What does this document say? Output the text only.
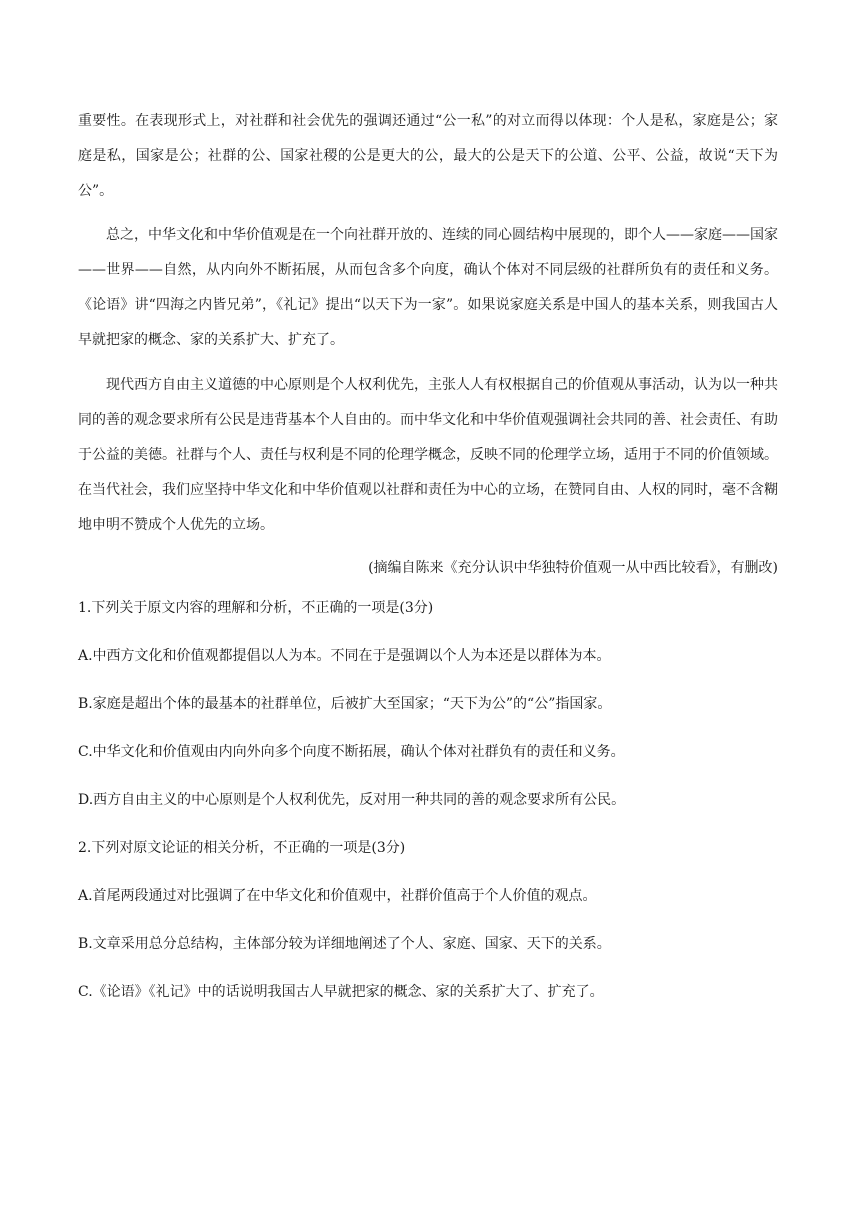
重要性。在表现形式上，对社群和社会优先的强调还通过“公一私”的对立而得以体现：个人是私，家庭是公；家庭是私，国家是公；社群的公、国家社稷的公是更大的公，最大的公是天下的公道、公平、公益，故说“天下为公”。

总之，中华文化和中华价值观是在一个向社群开放的、连续的同心圆结构中展现的，即个人——家庭——国家——世界——自然，从内向外不断拓展，从而包含多个向度，确认个体对不同层级的社群所负有的责任和义务。《论语》讲“四海之内皆兄弟”，《礼记》提出“以天下为一家”。如果说家庭关系是中国人的基本关系，则我国古人早就把家的概念、家的关系扩大、扩充了。

现代西方自由主义道德的中心原则是个人权利优先，主张人人有权根据自己的价值观从事活动，认为以一种共同的善的观念要求所有公民是违背基本个人自由的。而中华文化和中华价值观强调社会共同的善、社会责任、有助于公益的美德。社群与个人、责任与权利是不同的伦理学概念，反映不同的伦理学立场，适用于不同的价值领域。在当代社会，我们应坚持中华文化和中华价值观以社群和责任为中心的立场，在赞同自由、人权的同时，毫不含糊地申明不赞成个人优先的立场。

(摘编自陈来《充分认识中华独特价值观一从中西比较看》，有删改)
1.下列关于原文内容的理解和分析，不正确的一项是(3分)
A.中西方文化和价值观都提倡以人为本。不同在于是强调以个人为本还是以群体为本。
B.家庭是超出个体的最基本的社群单位，后被扩大至国家；“天下为公”的“公”指国家。
C.中华文化和价值观由内向外向多个向度不断拓展，确认个体对社群负有的责任和义务。
D.西方自由主义的中心原则是个人权利优先，反对用一种共同的善的观念要求所有公民。
2.下列对原文论证的相关分析，不正确的一项是(3分)
A.首尾两段通过对比强调了在中华文化和价值观中，社群价值高于个人价值的观点。
B.文章采用总分总结构，主体部分较为详细地阐述了个人、家庭、国家、天下的关系。
C.《论语》《礼记》中的话说明我国古人早就把家的概念、家的关系扩大了、扩充了。
